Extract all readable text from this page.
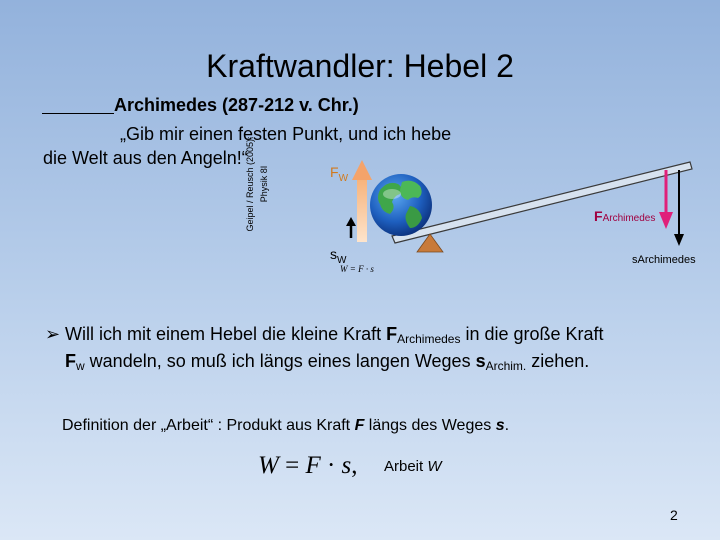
Kraftwandler: Hebel 2
Archimedes (287-212 v. Chr.)
„Gib mir einen festen Punkt, und ich hebe
die Welt aus den Angeln!“
Geipel / Reusch (2005): Physik 8I	$F_W$
FArchimedes
$s_W$	sArchimedes
W = F · s
➢ Will ich mit einem Hebel die kleine Kraft $F_{Archimedes}$ in die große Kraft
$F_w$ wandeln, so muß ich längs eines langen Weges $s_{Archim.}$ ziehen.
Definition der „Arbeit“ : Produkt aus Kraft F längs des Weges s.
W = F · s, Arbeit W
2
